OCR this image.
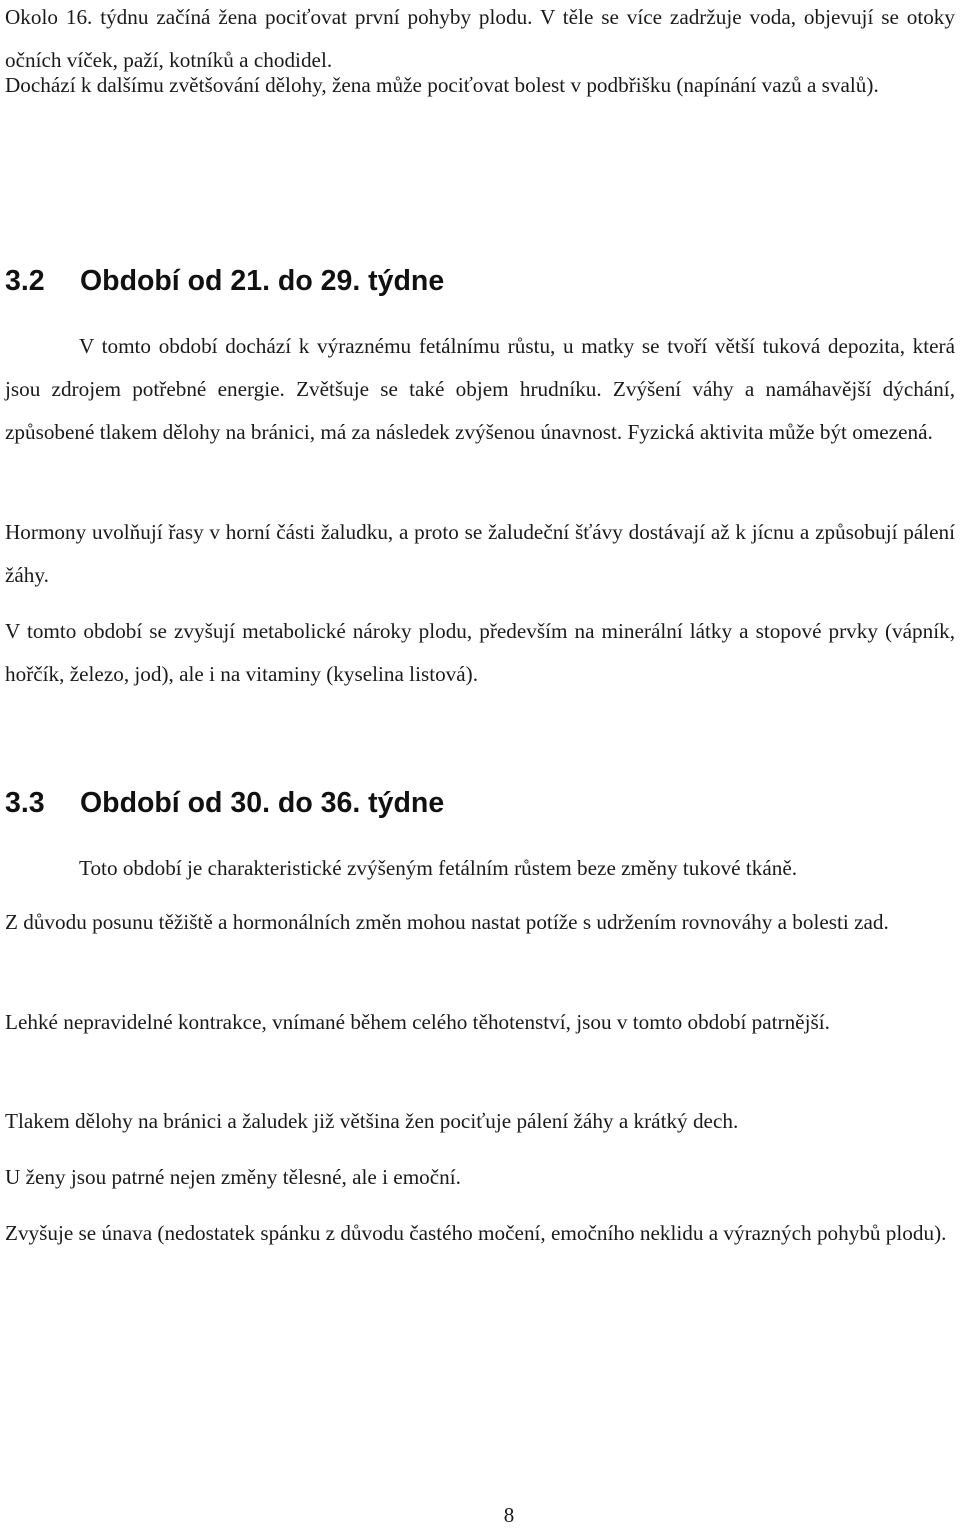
Okolo 16. týdnu začíná žena pociťovat první pohyby plodu. V těle se více zadržuje voda, objevují se otoky očních víček, paží, kotníků a chodidel.

Dochází k dalšímu zvětšování dělohy, žena může pociťovat bolest v podbřišku (napínání vazů a svalů).

3.2 Období od 21. do 29. týdne

V tomto období dochází k výraznému fetálnímu růstu, u matky se tvoří větší tuková depozita, která jsou zdrojem potřebné energie. Zvětšuje se také objem hrudníku. Zvýšení váhy a namáhavější dýchání, způsobené tlakem dělohy na bránici, má za následek zvýšenou únavnost. Fyzická aktivita může být omezená.

Hormony uvolňují řasy v horní části žaludku, a proto se žaludeční šťávy dostávají až k jícnu a způsobují pálení žáhy.

V tomto období se zvyšují metabolické nároky plodu, především na minerální látky a stopové prvky (vápník, hořčík, železo, jod), ale i na vitaminy (kyselina listová).

3.3 Období od 30. do 36. týdne

Toto období je charakteristické zvýšeným fetálním růstem beze změny tukové tkáně.

Z důvodu posunu těžiště a hormonálních změn mohou nastat potíže s udržením rovnováhy a bolesti zad.

Lehké nepravidelné kontrakce, vnímané během celého těhotenství, jsou v tomto období patrnější.

Tlakem dělohy na bránici a žaludek již většina žen pociťuje pálení žáhy a krátký dech.

U ženy jsou patrné nejen změny tělesné, ale i emoční.

Zvyšuje se únava (nedostatek spánku z důvodu častého močení, emočního neklidu a výrazných pohybů plodu).

8
